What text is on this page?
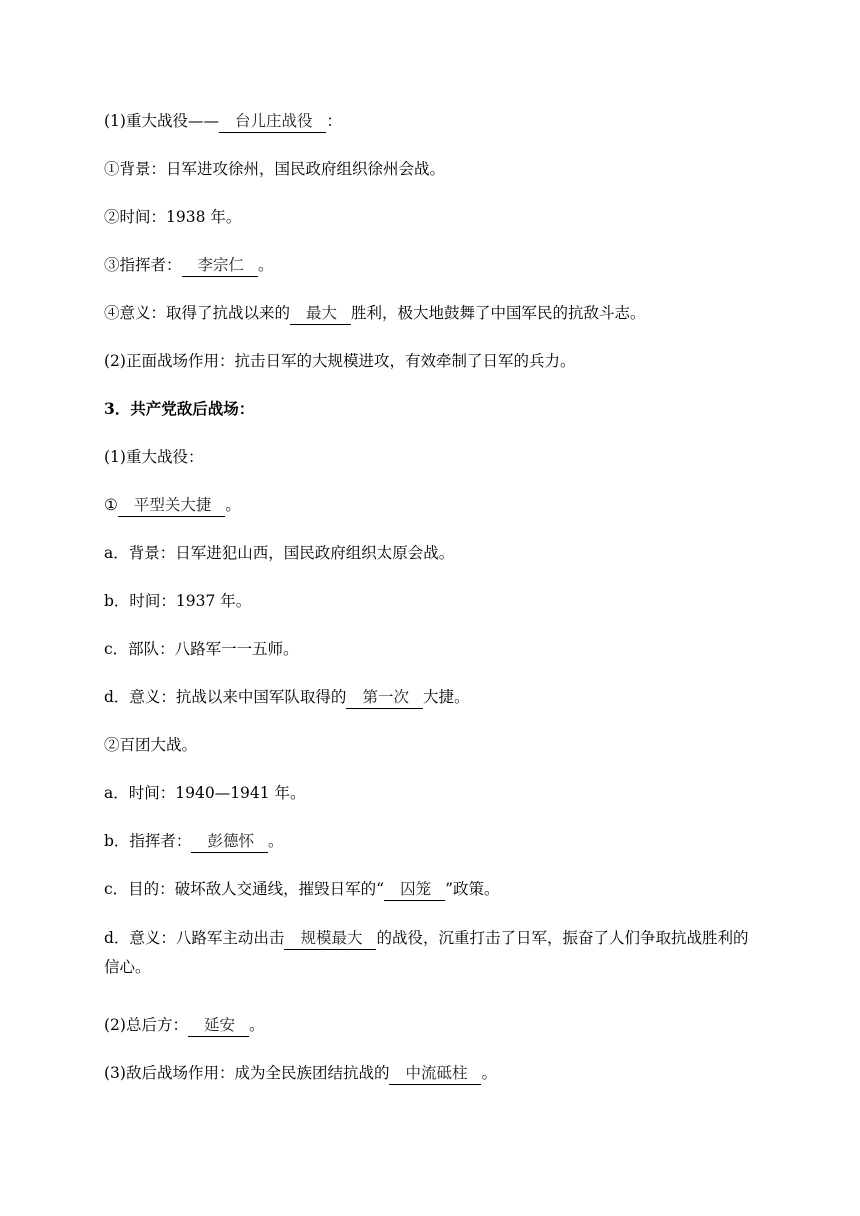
(1)重大战役—— 台儿庄战役 ：
①背景：日军进攻徐州，国民政府组织徐州会战。
②时间：1938 年。
③指挥者： 李宗仁 。
④意义：取得了抗战以来的 最大 胜利，极大地鼓舞了中国军民的抗敌斗志。
(2)正面战场作用：抗击日军的大规模进攻，有效牵制了日军的兵力。
3．共产党敌后战场：
(1)重大战役：
① 平型关大捷 。
a．背景：日军进犯山西，国民政府组织太原会战。
b．时间：1937 年。
c．部队：八路军一一五师。
d．意义：抗战以来中国军队取得的 第一次 大捷。
②百团大战。
a．时间：1940—1941 年。
b．指挥者： 彭德怀 。
c．目的：破坏敌人交通线，摧毁日军的“ 囚笼 ”政策。
d．意义：八路军主动出击 规模最大 的战役，沉重打击了日军，振奋了人们争取抗战胜利的信心。
(2)总后方： 延安 。
(3)敌后战场作用：成为全民族团结抗战的 中流砥柱 。
